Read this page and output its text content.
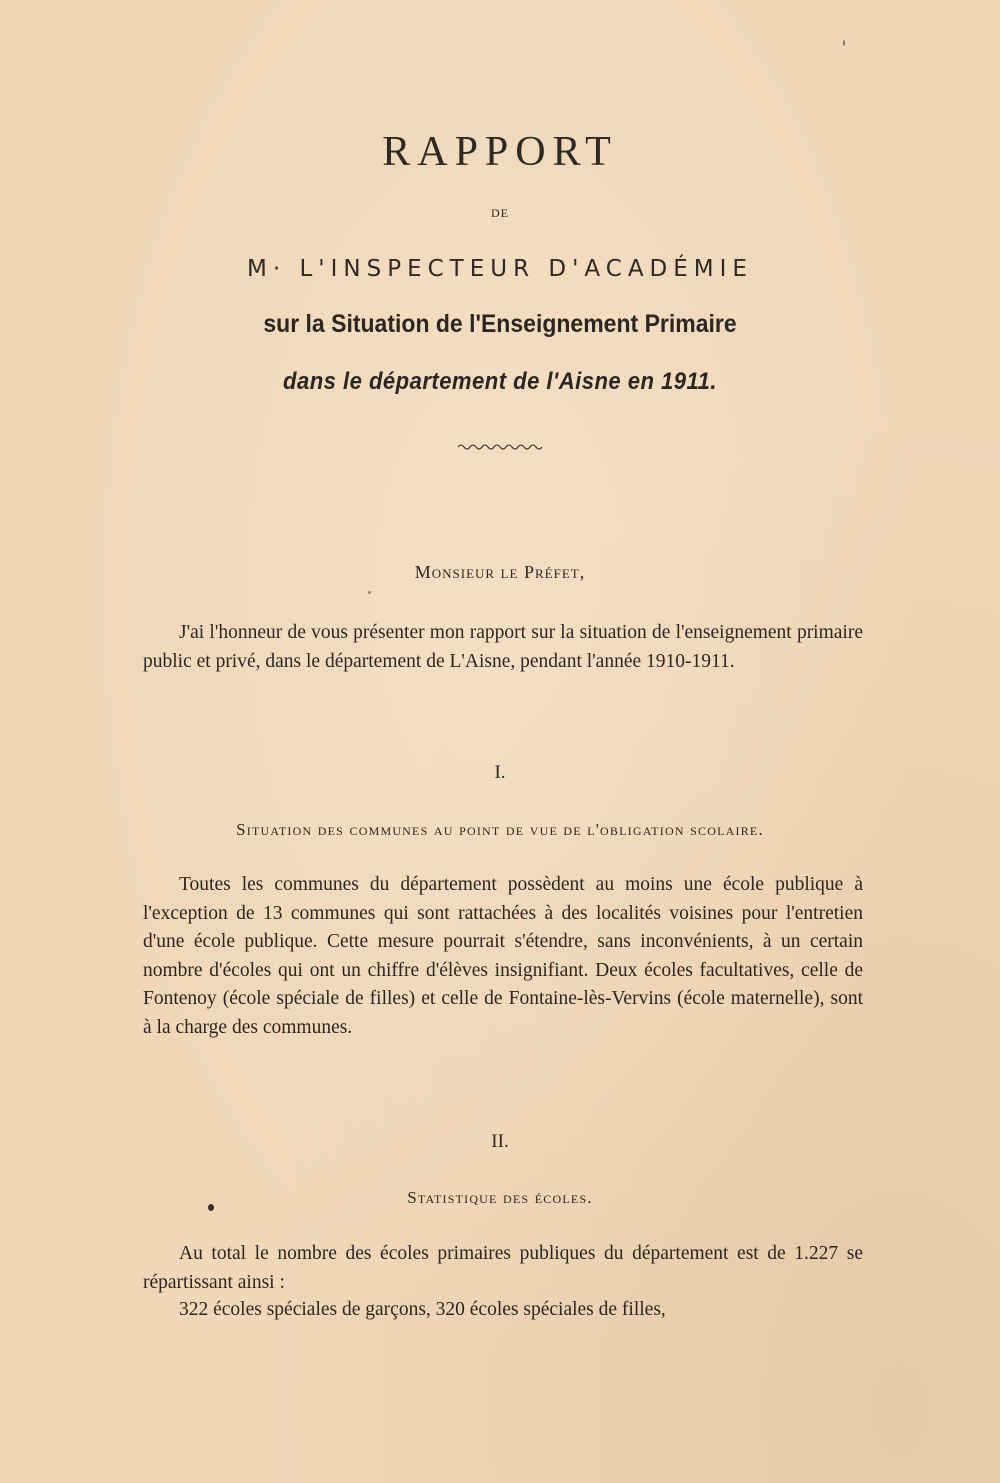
RAPPORT
DE
M· L'INSPECTEUR D'ACADÉMIE
sur la Situation de l'Enseignement Primaire
dans le département de l'Aisne en 1911.
Monsieur le Préfet,
J'ai l'honneur de vous présenter mon rapport sur la situation de l'enseignement primaire public et privé, dans le département de L'Aisne, pendant l'année 1910-1911.
I.
Situation des communes au point de vue de l'obligation scolaire.
Toutes les communes du département possèdent au moins une école publique à l'exception de 13 communes qui sont rattachées à des localités voisines pour l'entretien d'une école publique. Cette mesure pourrait s'étendre, sans inconvénients, à un certain nombre d'écoles qui ont un chiffre d'élèves insignifiant. Deux écoles facultatives, celle de Fontenoy (école spéciale de filles) et celle de Fontaine-lès-Vervins (école maternelle), sont à la charge des communes.
II.
Statistique des écoles.
Au total le nombre des écoles primaires publiques du département est de 1.227 se répartissant ainsi :
322 écoles spéciales de garçons, 320 écoles spéciales de filles,
